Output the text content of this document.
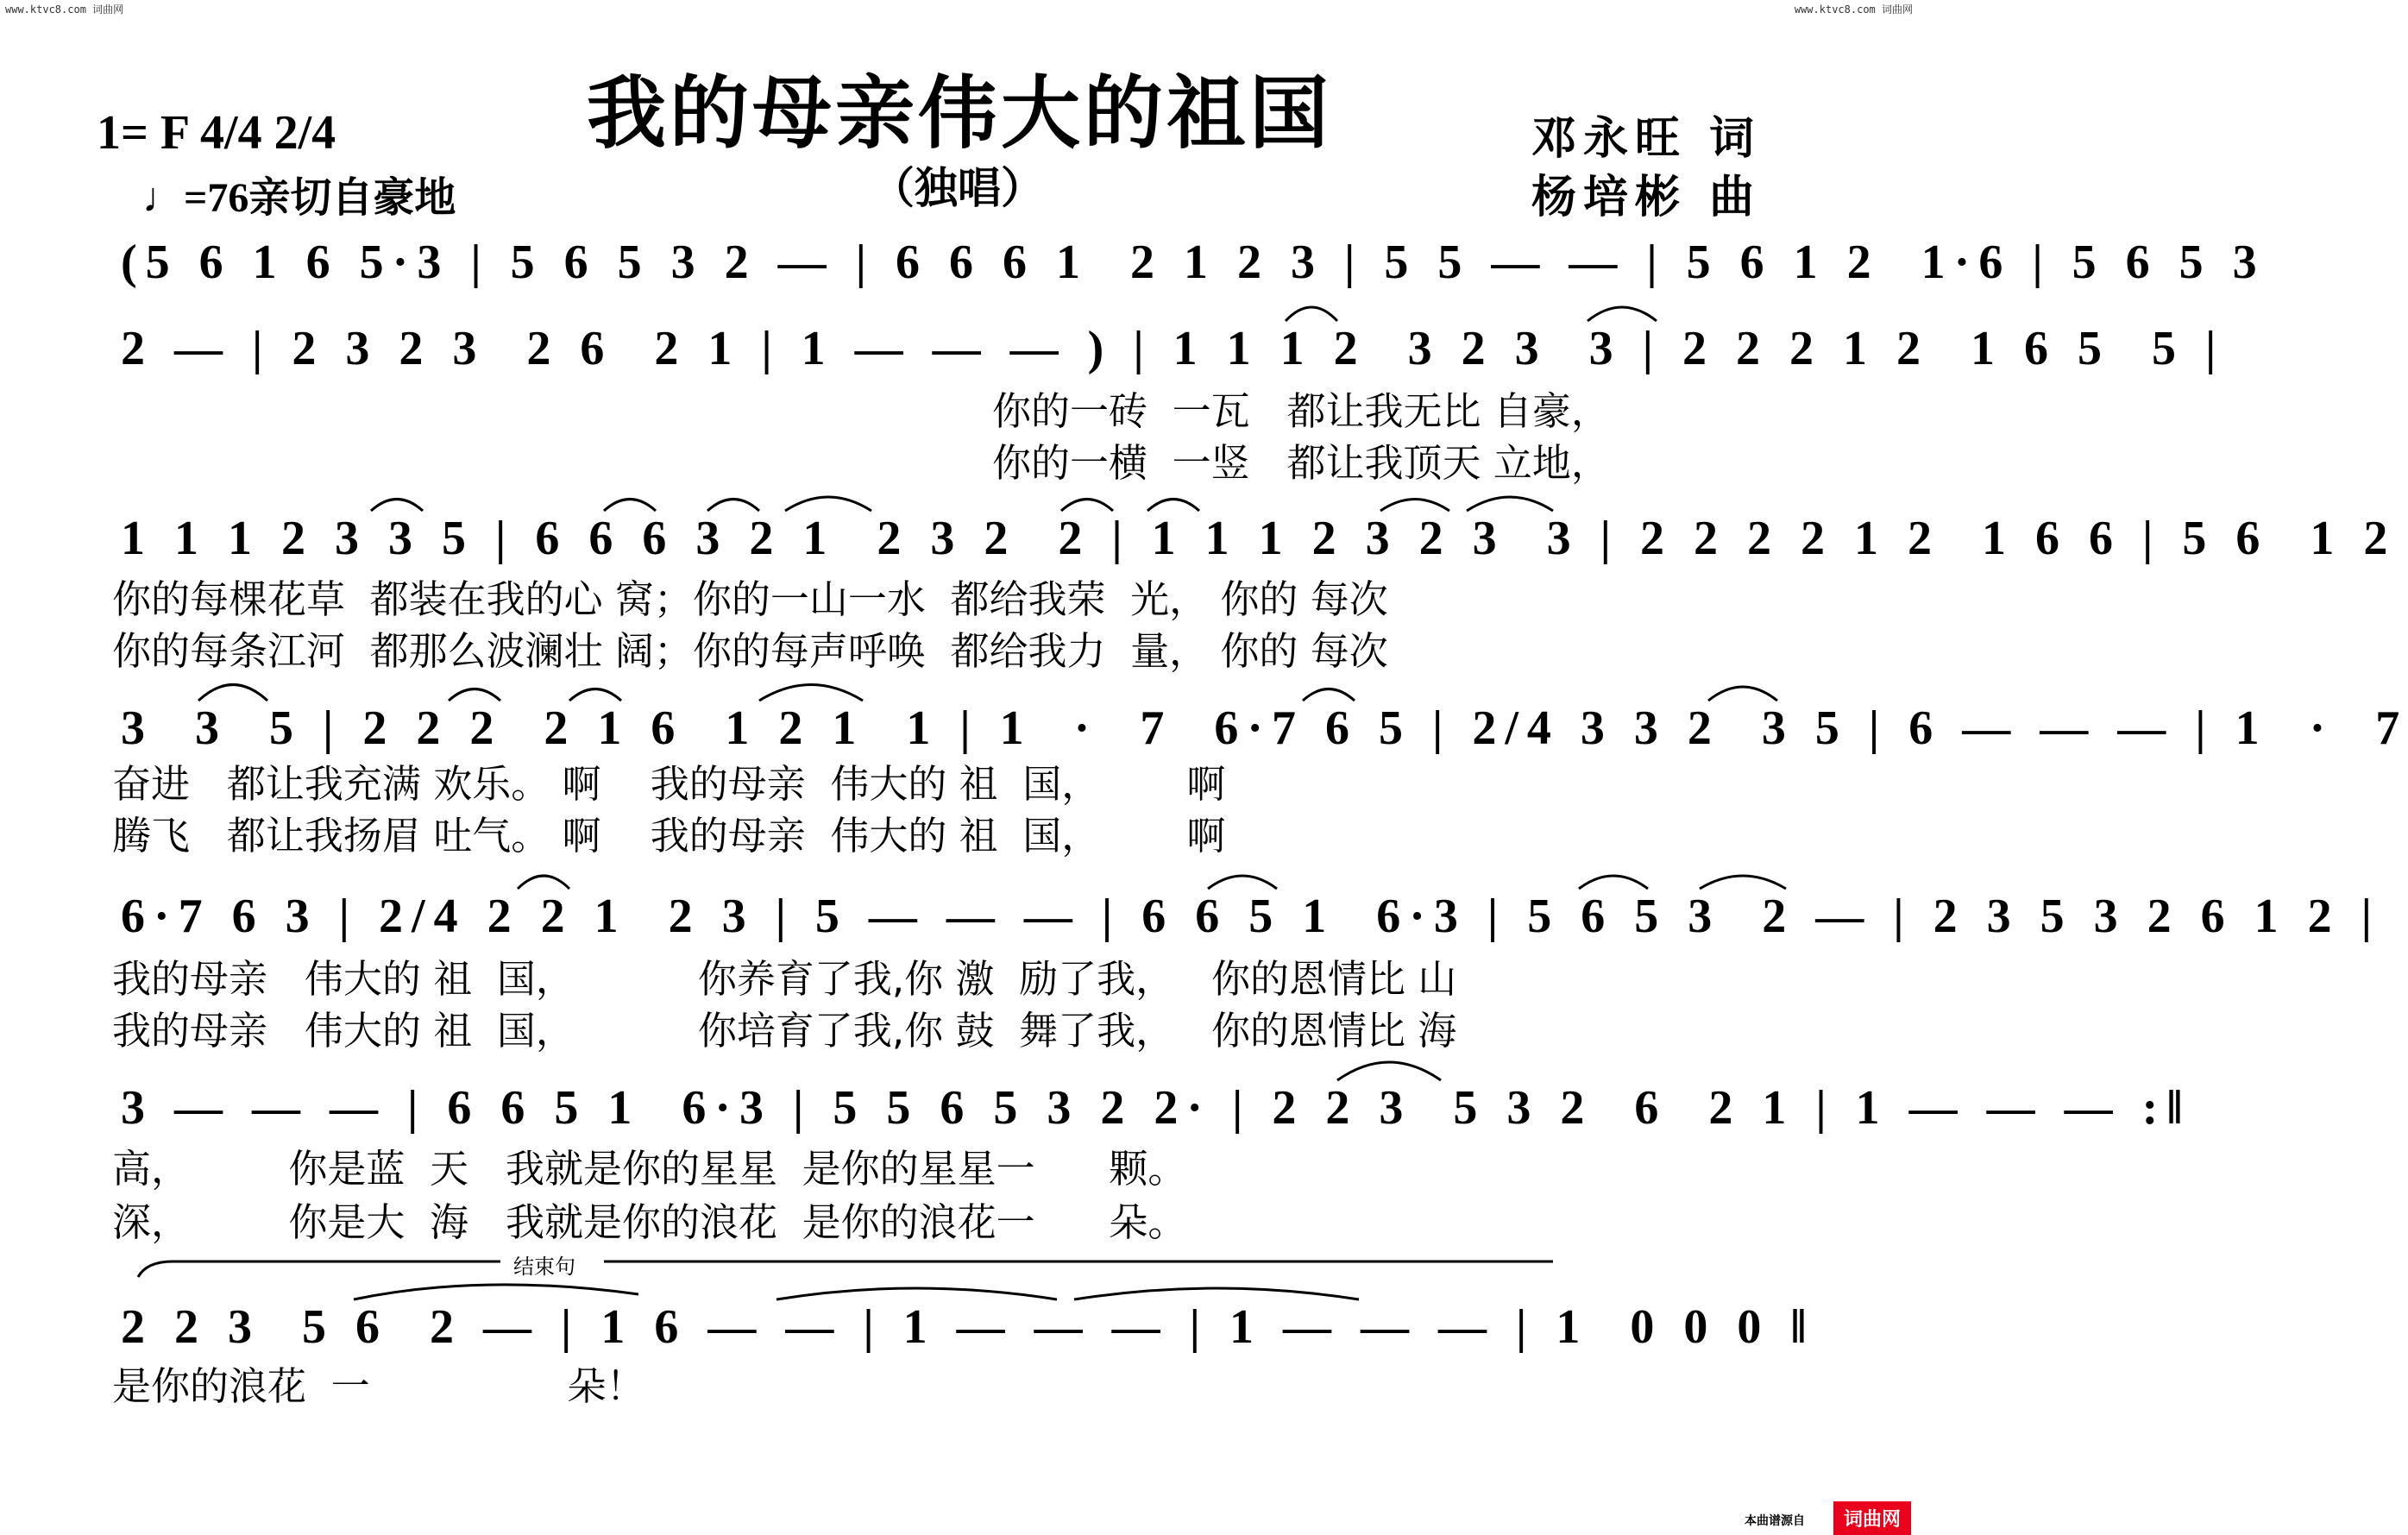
www.ktvc8.com 词曲网	www.ktvc8.com 词曲网
我的母亲伟大的祖国
（独唱）
1= F 4/4 2/4
♩=76亲切自豪地
邓永旺 词
杨培彬 曲
(5 6 1 6 5·3 | 5 6 5 3 2 — | 6 6 6 1  2 1 2 3 | 5 5 — — | 5 6 1 2  1·6 | 5 6 5 3
2 — | 2 3 2 3  2 6  2 1 | 1 — — — ) | 1 1 1 2  3 2 3  3 | 2 2 2 1 2  1 6 5  5 |
你的一砖  一瓦   都让我无比 自豪，
你的一横  一竖   都让我顶天 立地，
1 1 1 2 3 3 5 | 6 6 6 3 2 1  2 3 2  2 | 1 1 1 2 3 2 3  3 | 2 2 2 2 1 2  1 6 6 | 5 6  1 2
你的每棵花草  都装在我的心 窝；你的一山一水  都给我荣  光， 你的 每次
你的每条江河  都那么波澜壮 阔；你的每声呼唤  都给我力  量， 你的 每次
3  3  5 | 2 2 2  2 1 6  1 2 1  1 | 1  ·  7  6·7 6 5 | 2/4 3 3 2  3 5 | 6 — — — | 1  ·  7
奋进   都让我充满 欢乐。 啊    我的母亲  伟大的 祖  国，       啊
腾飞   都让我扬眉 吐气。 啊    我的母亲  伟大的 祖  国，       啊
6·7 6 3 | 2/4 2 2 1  2 3 | 5 — — — | 6 6 5 1  6·3 | 5 6 5 3  2 — | 2 3 5 3 2 6 1 2 |
我的母亲   伟大的 祖  国，          你养育了我,你 激  励了我，   你的恩情比 山
我的母亲   伟大的 祖  国，          你培育了我,你 鼓  舞了我，   你的恩情比 海
3 — — — | 6 6 5 1  6·3 | 5 5 6 5 3 2 2· | 2 2 3  5 3 2  6  2 1 | 1 — — — :‖
高，        你是蓝  天   我就是你的星星  是你的星星一      颗。
深，        你是大  海   我就是你的浪花  是你的浪花一      朵。
结束句
2 2 3  5 6  2 — | 1 6 — — | 1 — — — | 1 — — — | 1  0 0 0 ‖
是你的浪花  一                朵！
本曲谱源自	词曲网
